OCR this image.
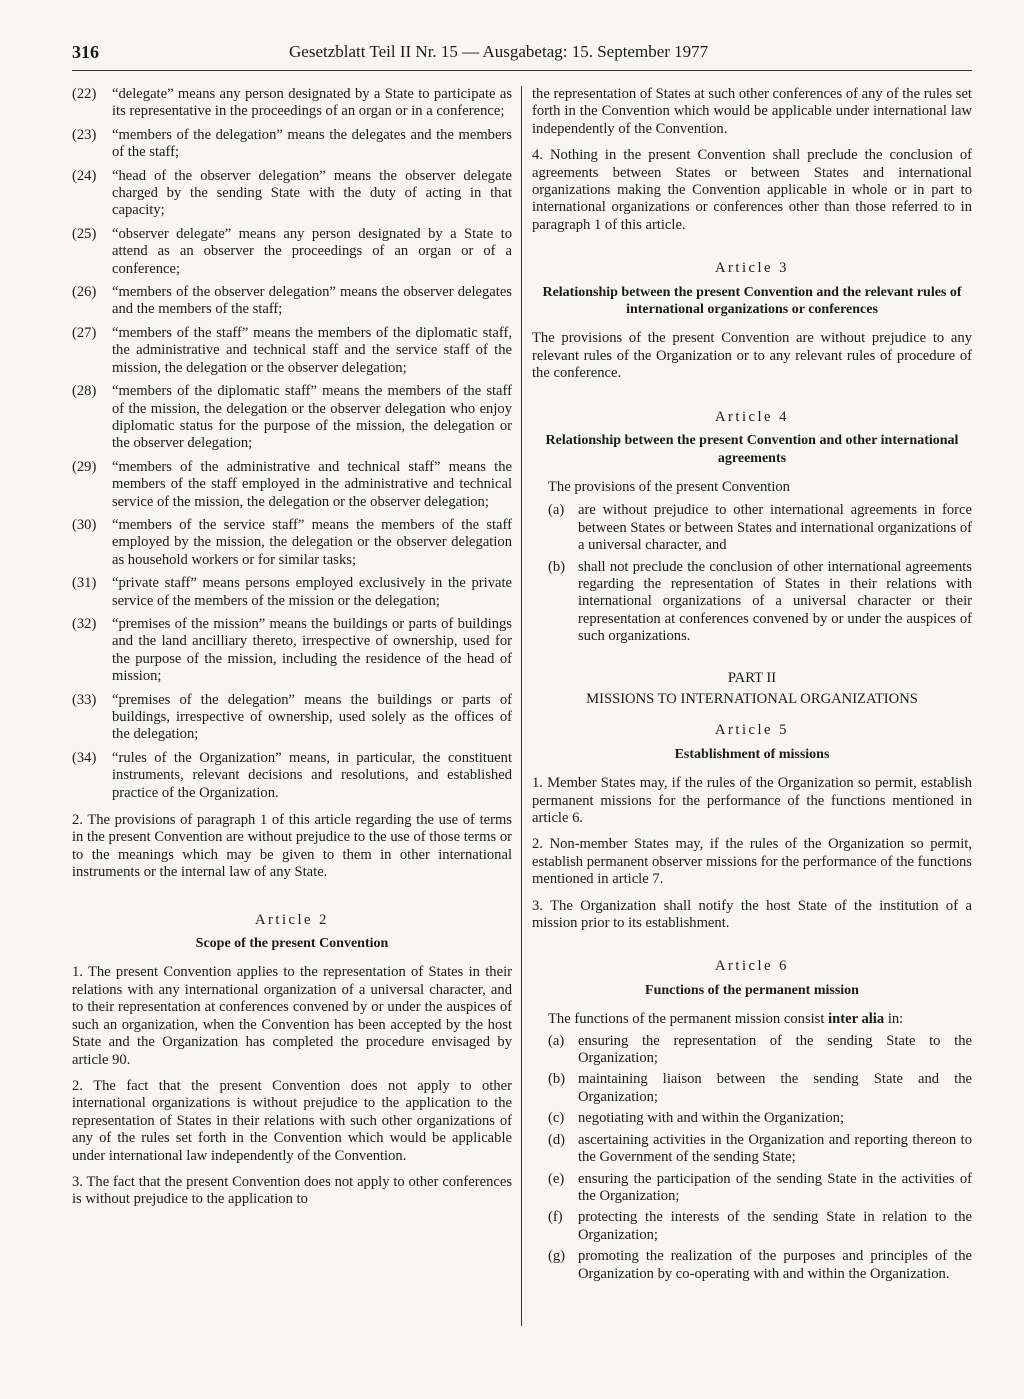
316	Gesetzblatt Teil II Nr. 15 — Ausgabetag: 15. September 1977
(22)	“delegate” means any person designated by a State to participate as its representative in the proceedings of an organ or in a conference;
(23)	“members of the delegation” means the delegates and the members of the staff;
(24)	“head of the observer delegation” means the observer delegate charged by the sending State with the duty of acting in that capacity;
(25)	“observer delegate” means any person designated by a State to attend as an observer the proceedings of an organ or of a conference;
(26)	“members of the observer delegation” means the observer delegates and the members of the staff;
(27)	“members of the staff” means the members of the diplomatic staff, the administrative and technical staff and the service staff of the mission, the delegation or the observer delegation;
(28)	“members of the diplomatic staff” means the members of the staff of the mission, the delegation or the observer delegation who enjoy diplomatic status for the purpose of the mission, the delegation or the observer delegation;
(29)	“members of the administrative and technical staff” means the members of the staff employed in the administrative and technical service of the mission, the delegation or the observer delegation;
(30)	“members of the service staff” means the members of the staff employed by the mission, the delegation or the observer delegation as household workers or for similar tasks;
(31)	“private staff” means persons employed exclusively in the private service of the members of the mission or the delegation;
(32)	“premises of the mission” means the buildings or parts of buildings and the land ancilliary thereto, irrespective of ownership, used for the purpose of the mission, including the residence of the head of mission;
(33)	“premises of the delegation” means the buildings or parts of buildings, irrespective of ownership, used solely as the offices of the delegation;
(34)	“rules of the Organization” means, in particular, the constituent instruments, relevant decisions and resolutions, and established practice of the Organization.

2. The provisions of paragraph 1 of this article regarding the use of terms in the present Convention are without prejudice to the use of those terms or to the meanings which may be given to them in other international instruments or the internal law of any State.

Article 2
Scope of the present Convention

1. The present Convention applies to the representation of States in their relations with any international organization of a universal character, and to their representation at conferences convened by or under the auspices of such an organization, when the Convention has been accepted by the host State and the Organization has completed the procedure envisaged by article 90.

2. The fact that the present Convention does not apply to other international organizations is without prejudice to the application to the representation of States in their relations with such other organizations of any of the rules set forth in the Convention which would be applicable under international law independently of the Convention.

3. The fact that the present Convention does not apply to other conferences is without prejudice to the application to

the representation of States at such other conferences of any of the rules set forth in the Convention which would be applicable under international law independently of the Convention.

4. Nothing in the present Convention shall preclude the conclusion of agreements between States or between States and international organizations making the Convention applicable in whole or in part to international organizations or conferences other than those referred to in paragraph 1 of this article.

Article 3
Relationship between the present Convention and the relevant rules of international organizations or conferences

The provisions of the present Convention are without prejudice to any relevant rules of the Organization or to any relevant rules of procedure of the conference.

Article 4
Relationship between the present Convention and other international agreements
The provisions of the present Convention
(a) are without prejudice to other international agreements in force between States or between States and international organizations of a universal character, and
(b) shall not preclude the conclusion of other international agreements regarding the representation of States in their relations with international organizations of a universal character or their representation at conferences convened by or under the auspices of such organizations.
PART II
MISSIONS TO INTERNATIONAL ORGANIZATIONS
Article 5
Establishment of missions

1. Member States may, if the rules of the Organization so permit, establish permanent missions for the performance of the functions mentioned in article 6.

2. Non-member States may, if the rules of the Organization so permit, establish permanent observer missions for the performance of the functions mentioned in article 7.

3. The Organization shall notify the host State of the institution of a mission prior to its establishment.

Article 6
Functions of the permanent mission

The functions of the permanent mission consist inter alia in:

(a) ensuring the representation of the sending State to the Organization;
(b) maintaining liaison between the sending State and the Organization;
(c) negotiating with and within the Organization;
(d) ascertaining activities in the Organization and reporting thereon to the Government of the sending State;
(e) ensuring the participation of the sending State in the activities of the Organization;
(f)	protecting the interests of the sending State in relation to the Organization;
(g) promoting the realization of the purposes and principles of the Organization by co-operating with and within the Organization.
